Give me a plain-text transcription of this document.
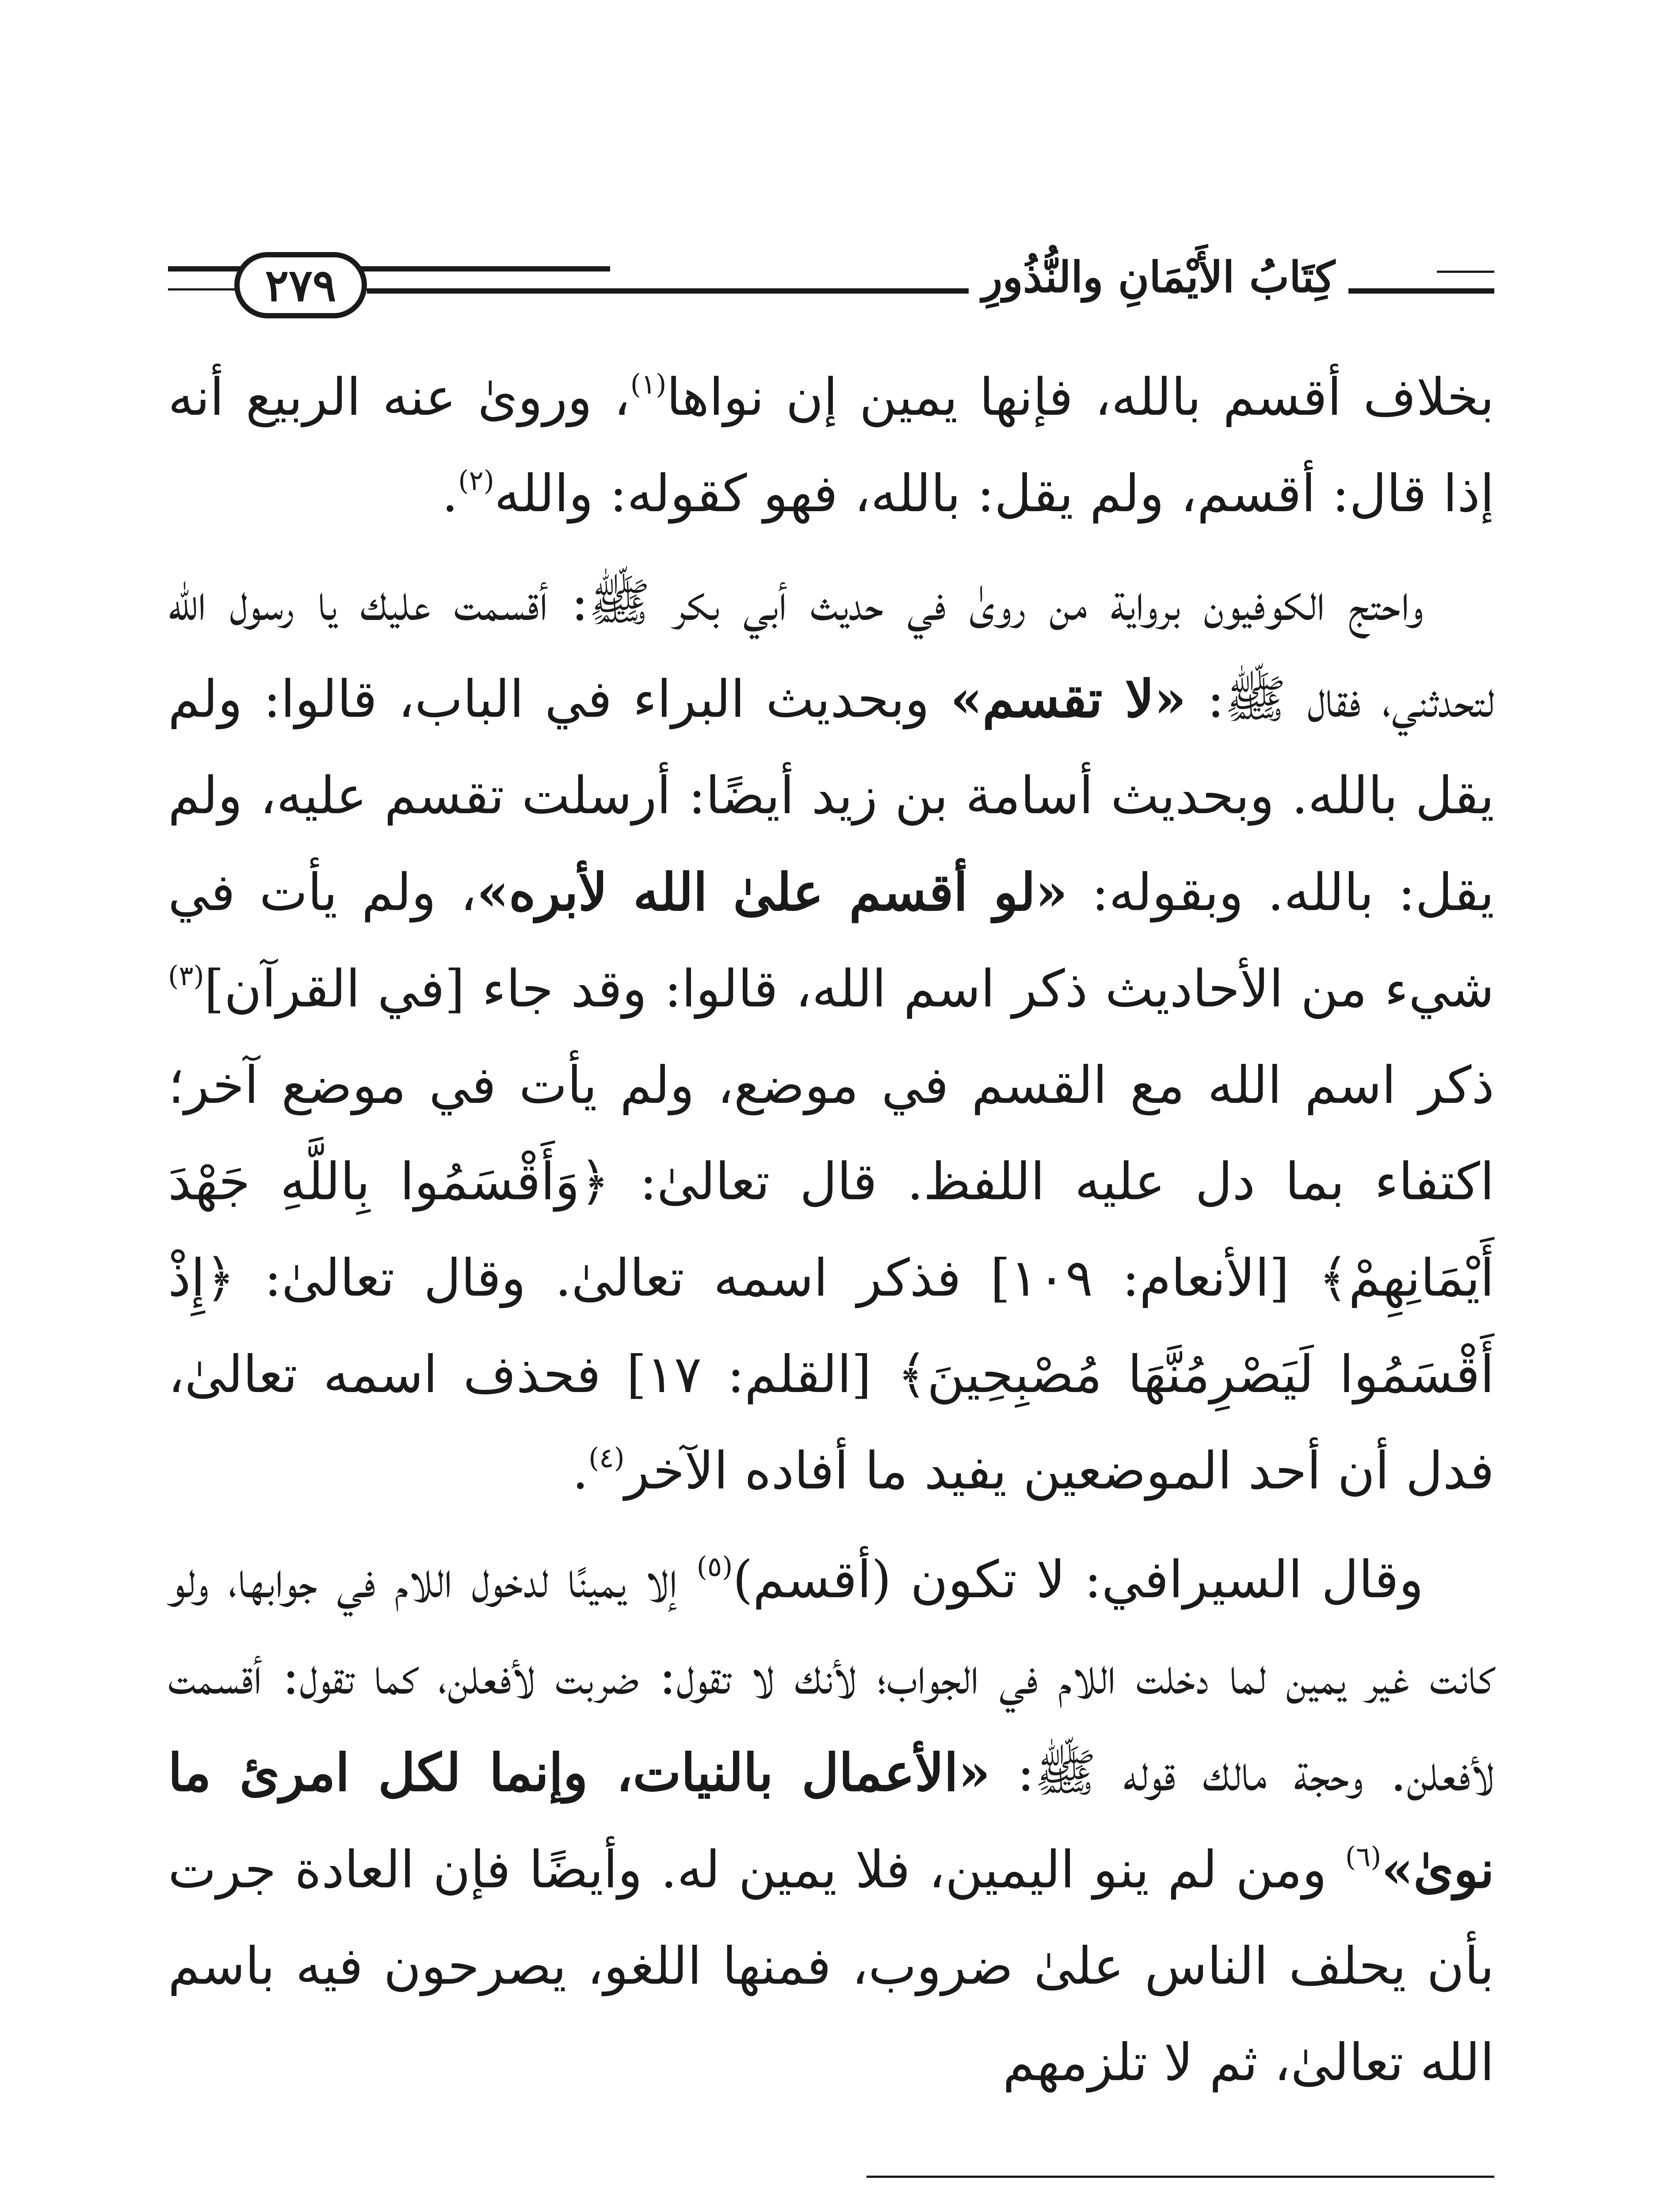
٢٧٩	كِتَابُ الأَيْمَانِ والنُّذُورِ

بخلاف أقسم بالله، فإنها يمين إن نواها$^{(١)}$، وروىٰ عنه الربيع أنه إذا قال: أقسم، ولم يقل: بالله، فهو كقوله: والله$^{(٢)}$.

واحتج الكوفيون برواية من روىٰ في حديث أبي بكر ﷺ: أقسمت عليك يا رسول الله لتحدثني، فقال ﷺ: «لا تقسم» وبحديث البراء في الباب، قالوا: ولم يقل بالله. وبحديث أسامة بن زيد أيضًا: أرسلت تقسم عليه، ولم يقل: بالله. وبقوله: «لو أقسم علىٰ الله لأبره»، ولم يأت في شيء من الأحاديث ذكر اسم الله، قالوا: وقد جاء [في القرآن]$^{(٣)}$ ذكر اسم الله مع القسم في موضع، ولم يأت في موضع آخر؛ اكتفاء بما دل عليه اللفظ. قال تعالىٰ: ﴿وَأَقْسَمُوا بِاللَّهِ جَهْدَ أَيْمَانِهِمْ﴾ [الأنعام: ١٠٩] فذكر اسمه تعالىٰ. وقال تعالىٰ: ﴿إِذْ أَقْسَمُوا لَيَصْرِمُنَّهَا مُصْبِحِينَ﴾ [القلم: ١٧] فحذف اسمه تعالىٰ، فدل أن أحد الموضعين يفيد ما أفاده الآخر$^{(٤)}$.

وقال السيرافي: لا تكون (أقسم)$^{(٥)}$ إلا يمينًا لدخول اللام في جوابها، ولو كانت غير يمين لما دخلت اللام في الجواب؛ لأنك لا تقول: ضربت لأفعلن، كما تقول: أقسمت لأفعلن. وحجة مالك قوله ﷺ: «الأعمال بالنيات، وإنما لكل امرئ ما نوىٰ»$^{(٦)}$ ومن لم ينو اليمين، فلا يمين له. وأيضًا فإن العادة جرت بأن يحلف الناس علىٰ ضروب، فمنها اللغو، يصرحون فيه باسم الله تعالىٰ، ثم لا تلزمهم
